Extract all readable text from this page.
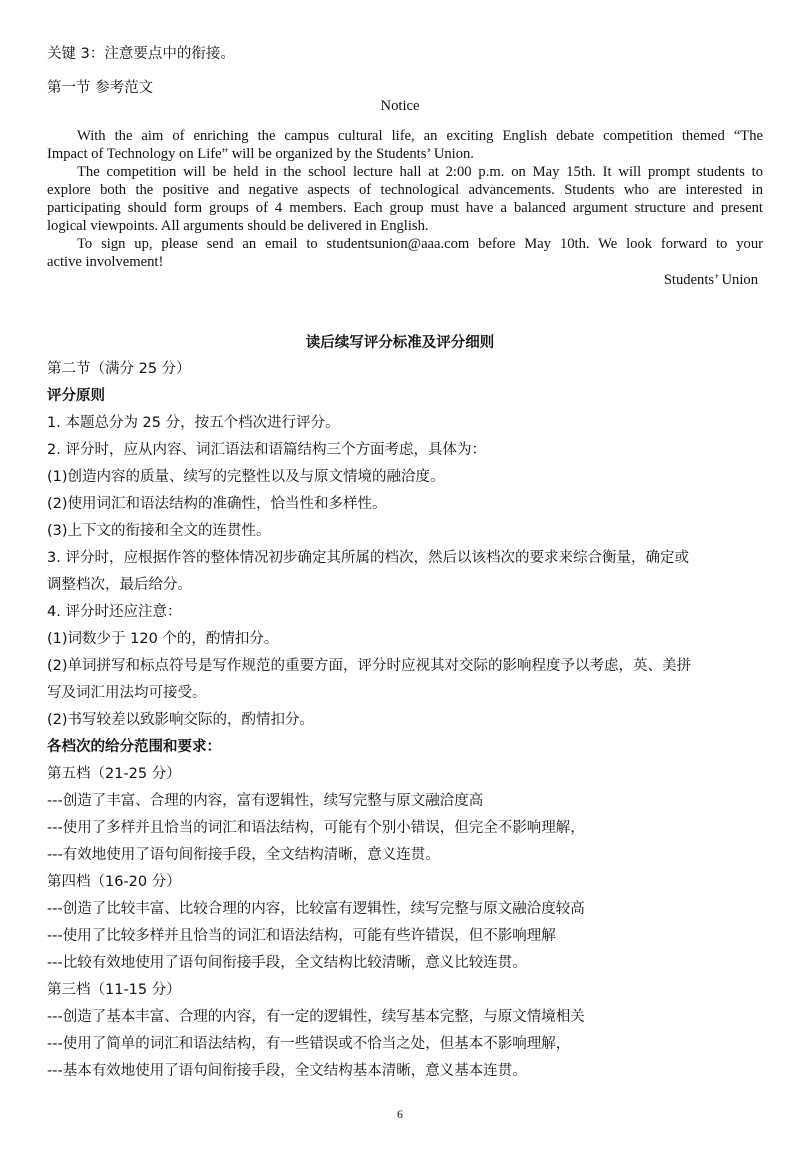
关键 3：注意要点中的衔接。
第一节 参考范文
Notice
With the aim of enriching the campus cultural life, an exciting English debate competition themed “The
Impact of Technology on Life” will be organized by the Students’ Union.
The competition will be held in the school lecture hall at 2:00 p.m. on May 15th. It will prompt students to
explore both the positive and negative aspects of technological advancements. Students who are interested in
participating should form groups of 4 members. Each group must have a balanced argument structure and present
logical viewpoints. All arguments should be delivered in English.
To sign up, please send an email to studentsunion@aaa.com before May 10th. We look forward to your
active involvement!
Students’ Union
读后续写评分标准及评分细则
第二节（满分 25 分）
评分原则
1. 本题总分为 25 分，按五个档次进行评分。
2. 评分时，应从内容、词汇语法和语篇结构三个方面考虑，具体为：
(1)创造内容的质量、续写的完整性以及与原文情境的融洽度。
(2)使用词汇和语法结构的准确性，恰当性和多样性。
(3)上下文的衔接和全文的连贯性。
3. 评分时，应根据作答的整体情况初步确定其所属的档次，然后以该档次的要求来综合衡量，确定或
调整档次，最后给分。
4. 评分时还应注意：
(1)词数少于 120 个的，酌情扣分。
(2)单词拼写和标点符号是写作规范的重要方面，评分时应视其对交际的影响程度予以考虑，英、美拼
写及词汇用法均可接受。
(2)书写较差以致影响交际的，酌情扣分。
各档次的给分范围和要求：
第五档（21-25 分）
---创造了丰富、合理的内容，富有逻辑性，续写完整与原文融洽度高
---使用了多样并且恰当的词汇和语法结构，可能有个别小错误，但完全不影响理解，
---有效地使用了语句间衔接手段，全文结构清晰，意义连贯。
第四档（16-20 分）
---创造了比较丰富、比较合理的内容，比较富有逻辑性，续写完整与原文融洽度较高
---使用了比较多样并且恰当的词汇和语法结构，可能有些许错误，但不影响理解
---比较有效地使用了语句间衔接手段，全文结构比较清晰，意义比较连贯。
第三档（11-15 分）
---创造了基本丰富、合理的内容，有一定的逻辑性，续写基本完整，与原文情境相关
---使用了简单的词汇和语法结构，有一些错误或不恰当之处，但基本不影响理解，
---基本有效地使用了语句间衔接手段，全文结构基本清晰，意义基本连贯。
6
